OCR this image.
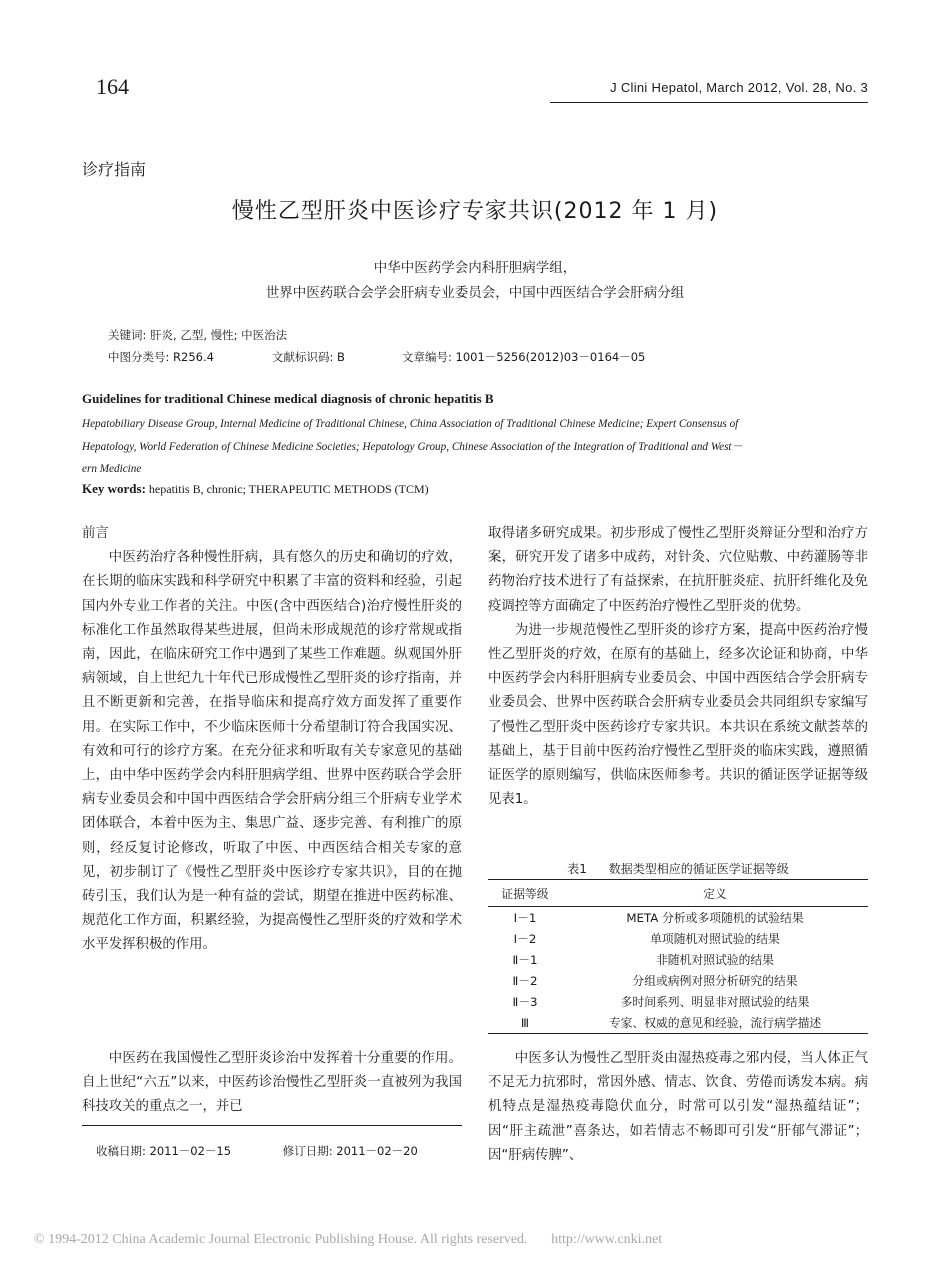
164	J Clini Hepatol, March 2012, Vol. 28, No. 3
诊疗指南
慢性乙型肝炎中医诊疗专家共识(2012 年 1 月)
中华中医药学会内科肝胆病学组，
世界中医药联合会学会肝病专业委员会，中国中西医结合学会肝病分组
关键词: 肝炎, 乙型, 慢性; 中医治法
中图分类号: R256.4	文献标识码: B	文章编号: 1001－5256(2012)03－0164－05
Guidelines for traditional Chinese medical diagnosis of chronic hepatitis B
Hepatobiliary Disease Group, Internal Medicine of Traditional Chinese, China Association of Traditional Chinese Medicine; Expert Consensus of
Hepatology, World Federation of Chinese Medicine Societies; Hepatology Group, Chinese Association of the Integration of Traditional and West－
ern Medicine
Key words: hepatitis B, chronic; THERAPEUTIC METHODS (TCM)

前言

中医药治疗各种慢性肝病，具有悠久的历史和确切的疗效，在长期的临床实践和科学研究中积累了丰富的资料和经验，引起国内外专业工作者的关注。中医(含中西医结合)治疗慢性肝炎的标准化工作虽然取得某些进展，但尚未形成规范的诊疗常规或指南，因此，在临床研究工作中遇到了某些工作难题。纵观国外肝病领域，自上世纪九十年代已形成慢性乙型肝炎的诊疗指南，并且不断更新和完善，在指导临床和提高疗效方面发挥了重要作用。在实际工作中，不少临床医师十分希望制订符合我国实况、有效和可行的诊疗方案。在充分征求和听取有关专家意见的基础上，由中华中医药学会内科肝胆病学组、世界中医药联合学会肝病专业委员会和中国中西医结合学会肝病分组三个肝病专业学术团体联合，本着中医为主、集思广益、逐步完善、有利推广的原则，经反复讨论修改，听取了中医、中西医结合相关专家的意见，初步制订了《慢性乙型肝炎中医诊疗专家共识》，目的在抛砖引玉，我们认为是一种有益的尝试，期望在推进中医药标准、规范化工作方面，积累经验，为提高慢性乙型肝炎的疗效和学术水平发挥积极的作用。

中医药在我国慢性乙型肝炎诊治中发挥着十分重要的作用。自上世纪“六五”以来，中医药诊治慢性乙型肝炎一直被列为我国科技攻关的重点之一，并已

收稿日期: 2011－02－15	修订日期: 2011－02－20

取得诸多研究成果。初步形成了慢性乙型肝炎辩证分型和治疗方案，研究开发了诸多中成药，对针灸、穴位贴敷、中药灌肠等非药物治疗技术进行了有益探索，在抗肝脏炎症、抗肝纤维化及免疫调控等方面确定了中医药治疗慢性乙型肝炎的优势。

为进一步规范慢性乙型肝炎的诊疗方案，提高中医药治疗慢性乙型肝炎的疗效，在原有的基础上，经多次论证和协商，中华中医药学会内科肝胆病专业委员会、中国中西医结合学会肝病专业委员会、世界中医药联合会肝病专业委员会共同组织专家编写了慢性乙型肝炎中医药诊疗专家共识。本共识在系统文献荟萃的基础上，基于目前中医药治疗慢性乙型肝炎的临床实践，遵照循证医学的原则编写，供临床医师参考。共识的循证医学证据等级见表1。

表1 数据类型相应的循证医学证据等级
证据等级	定义
Ⅰ－1	META 分析或多项随机的试验结果
Ⅰ－2	单项随机对照试验的结果
Ⅱ－1	非随机对照试验的结果
Ⅱ－2	分组或病例对照分析研究的结果
Ⅱ－3	多时间系列、明显非对照试验的结果
Ⅲ	专家、权威的意见和经验，流行病学描述

中医多认为慢性乙型肝炎由湿热疫毒之邪内侵，当人体正气不足无力抗邪时，常因外感、情志、饮食、劳倦而诱发本病。病机特点是湿热疫毒隐伏血分，时常可以引发“湿热蕴结证”；因“肝主疏泄”喜条达，如若情志不畅即可引发“肝郁气滞证”；因“肝病传脾”、

© 1994-2012 China Academic Journal Electronic Publishing House. All rights reserved. http://www.cnki.net
